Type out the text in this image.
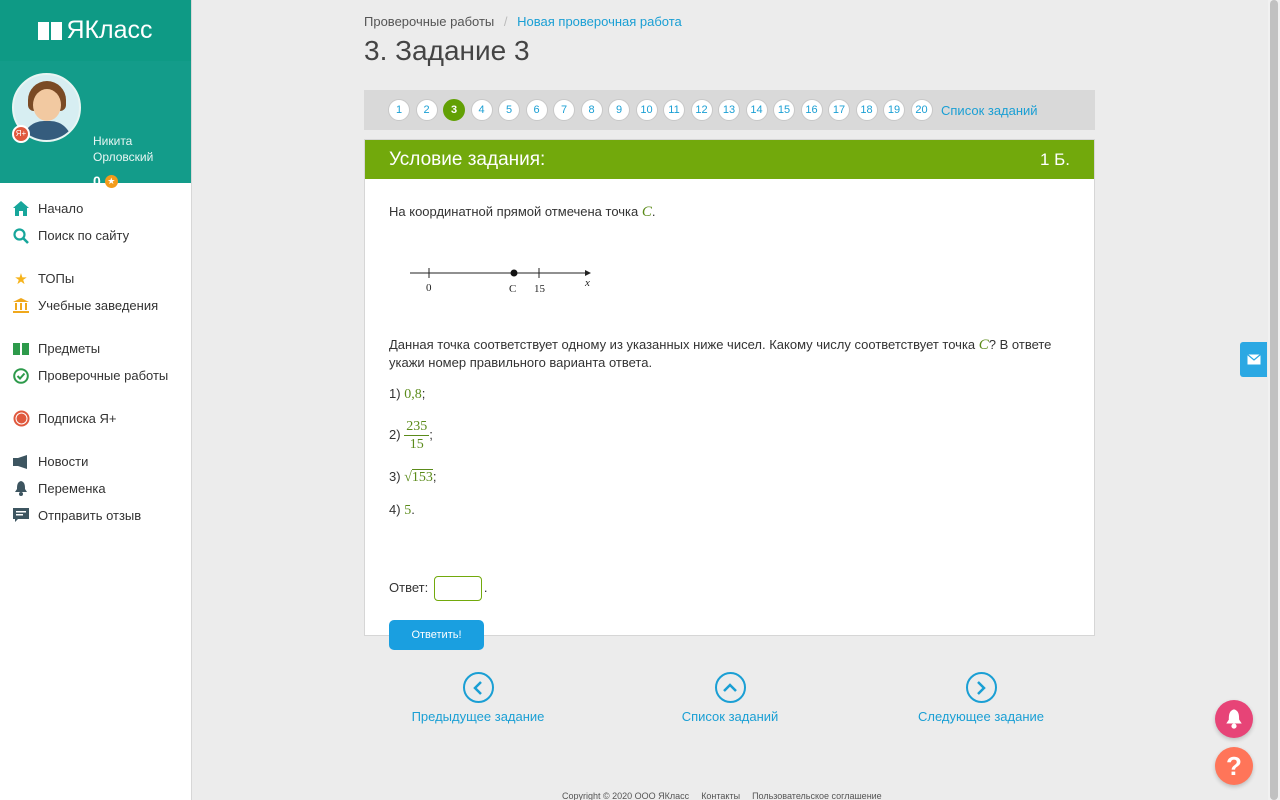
ЯКласс
Никита
Орловский
0 ★
Мой профиль
Выйти
Я+
Начало
Поиск по сайту
★ ТОПы
Учебные заведения
Предметы
Проверочные работы
Подписка Я+
Новости
Переменка
Отправить отзыв
Проверочные работы / Новая проверочная работа
3. Задание 3
1	2	3	4	5	6	7	8	9	10	11	12	13	14	15	16	17	18	19	20	Список заданий
Условие задания:	1 Б.
На координатной прямой отмечена точка C.
0	C 15	x
Данная точка соответствует одному из указанных ниже чисел. Какому числу соответствует точка C? В ответе
укажи номер правильного варианта ответа.
1) 0,8;
$2) \frac{235}{15}$ ;
3) √153;
4) 5.
Ответ:	.
Ответить!
Предыдущее задание	Список заданий	Следующее задание
Copyright © 2020 ООО ЯКласс Контакты Пользовательское соглашение
?
